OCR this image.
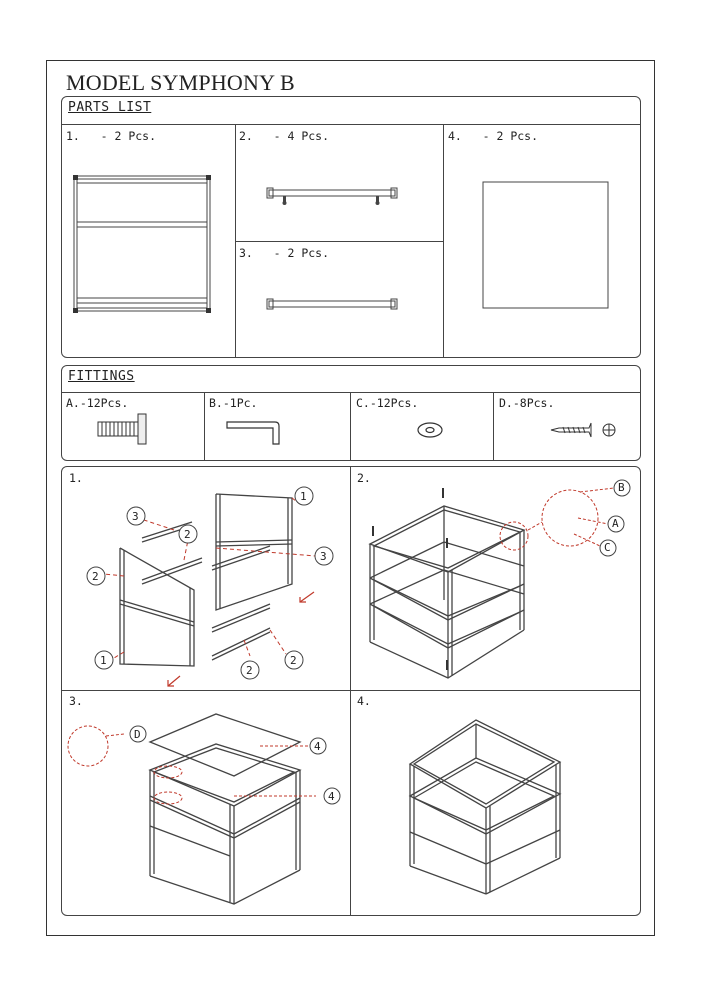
MODEL SYMPHONY B
PARTS LIST
1. - 2 Pcs.	2. - 4 Pcs.
3. - 2 Pcs.
4. - 2 Pcs.
FITTINGS
A.-12Pcs.	B.-1Pc.	C.-12Pcs.	D.-8Pcs.
1.	2.
3.	4.
1
3
2
3
2
1
2
2
B
A
C
D
4
4
